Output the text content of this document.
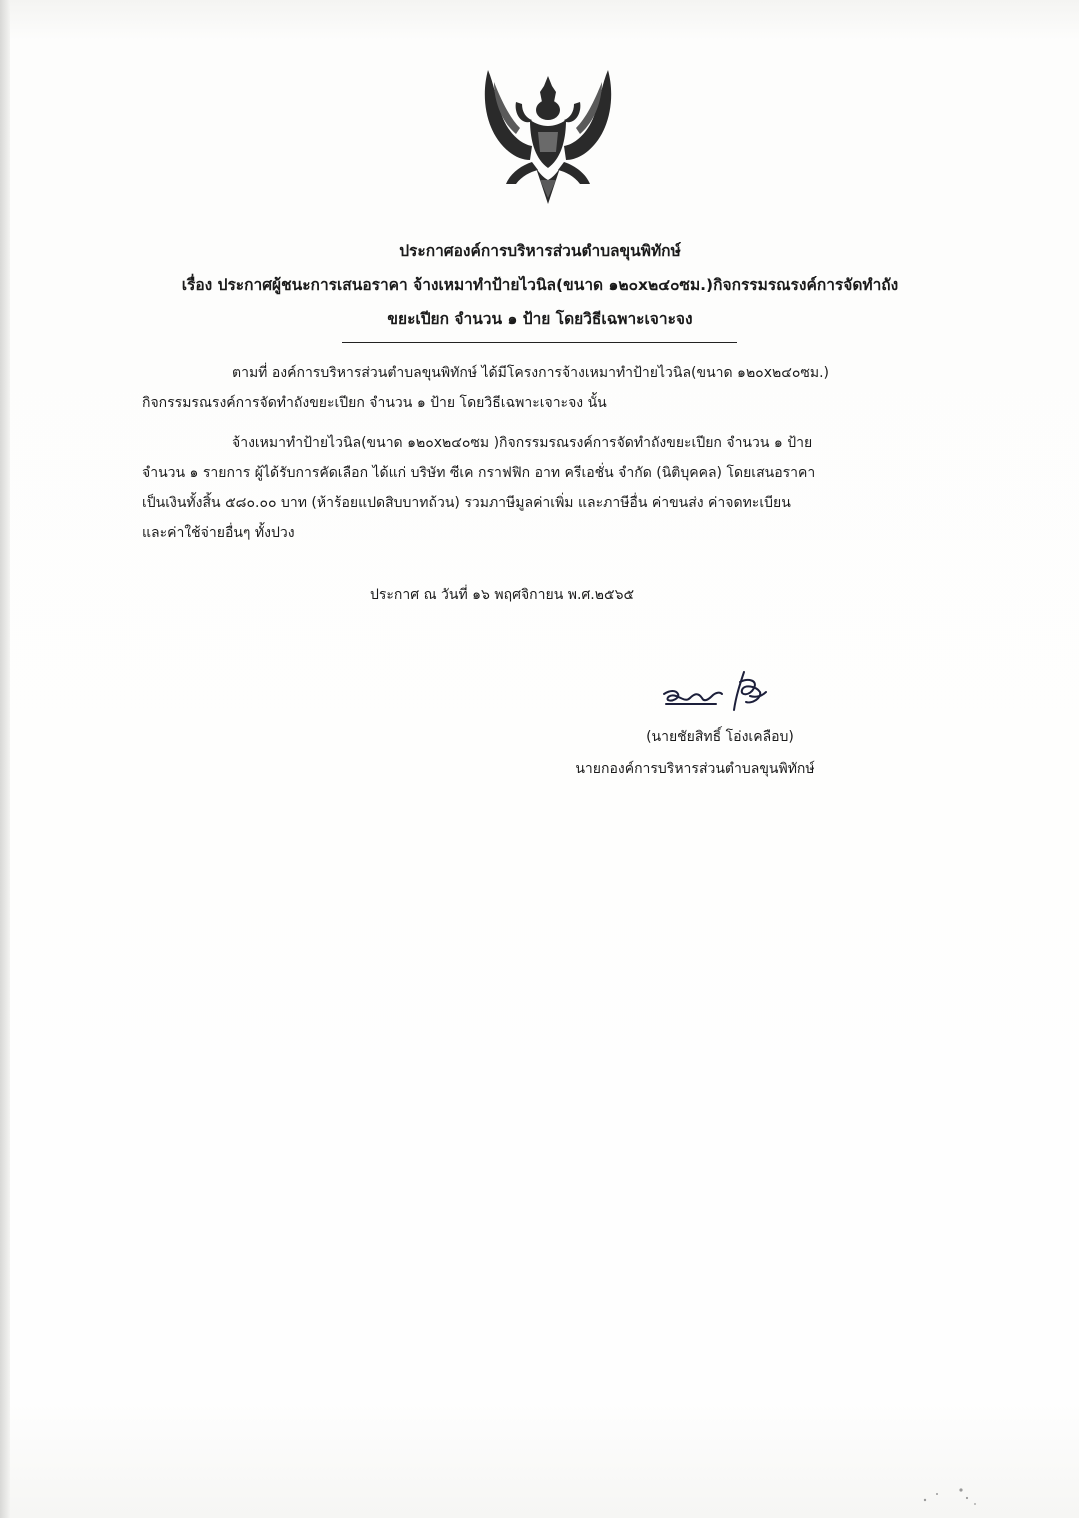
ประกาศองค์การบริหารส่วนตำบลขุนพิทักษ์
เรื่อง ประกาศผู้ชนะการเสนอราคา จ้างเหมาทำป้ายไวนิล(ขนาด ๑๒๐x๒๔๐ซม.)กิจกรรมรณรงค์การจัดทำถัง
ขยะเปียก จำนวน ๑ ป้าย โดยวิธีเฉพาะเจาะจง
ตามที่ องค์การบริหารส่วนตำบลขุนพิทักษ์ ได้มีโครงการจ้างเหมาทำป้ายไวนิล(ขนาด ๑๒๐x๒๔๐ซม.)
กิจกรรมรณรงค์การจัดทำถังขยะเปียก จำนวน ๑ ป้าย โดยวิธีเฉพาะเจาะจง นั้น
จ้างเหมาทำป้ายไวนิล(ขนาด ๑๒๐x๒๔๐ซม )กิจกรรมรณรงค์การจัดทำถังขยะเปียก จำนวน ๑ ป้าย
จำนวน ๑ รายการ ผู้ได้รับการคัดเลือก ได้แก่ บริษัท ซีเค กราฟฟิก อาท ครีเอชั่น จำกัด (นิติบุคคล) โดยเสนอราคา
เป็นเงินทั้งสิ้น ๕๘๐.๐๐ บาท (ห้าร้อยแปดสิบบาทถ้วน) รวมภาษีมูลค่าเพิ่ม และภาษีอื่น ค่าขนส่ง ค่าจดทะเบียน
และค่าใช้จ่ายอื่นๆ ทั้งปวง
ประกาศ ณ วันที่ ๑๖ พฤศจิกายน พ.ศ.๒๕๖๕
(นายชัยสิทธิ์ โอ่งเคลือบ)
นายกองค์การบริหารส่วนตำบลขุนพิทักษ์
